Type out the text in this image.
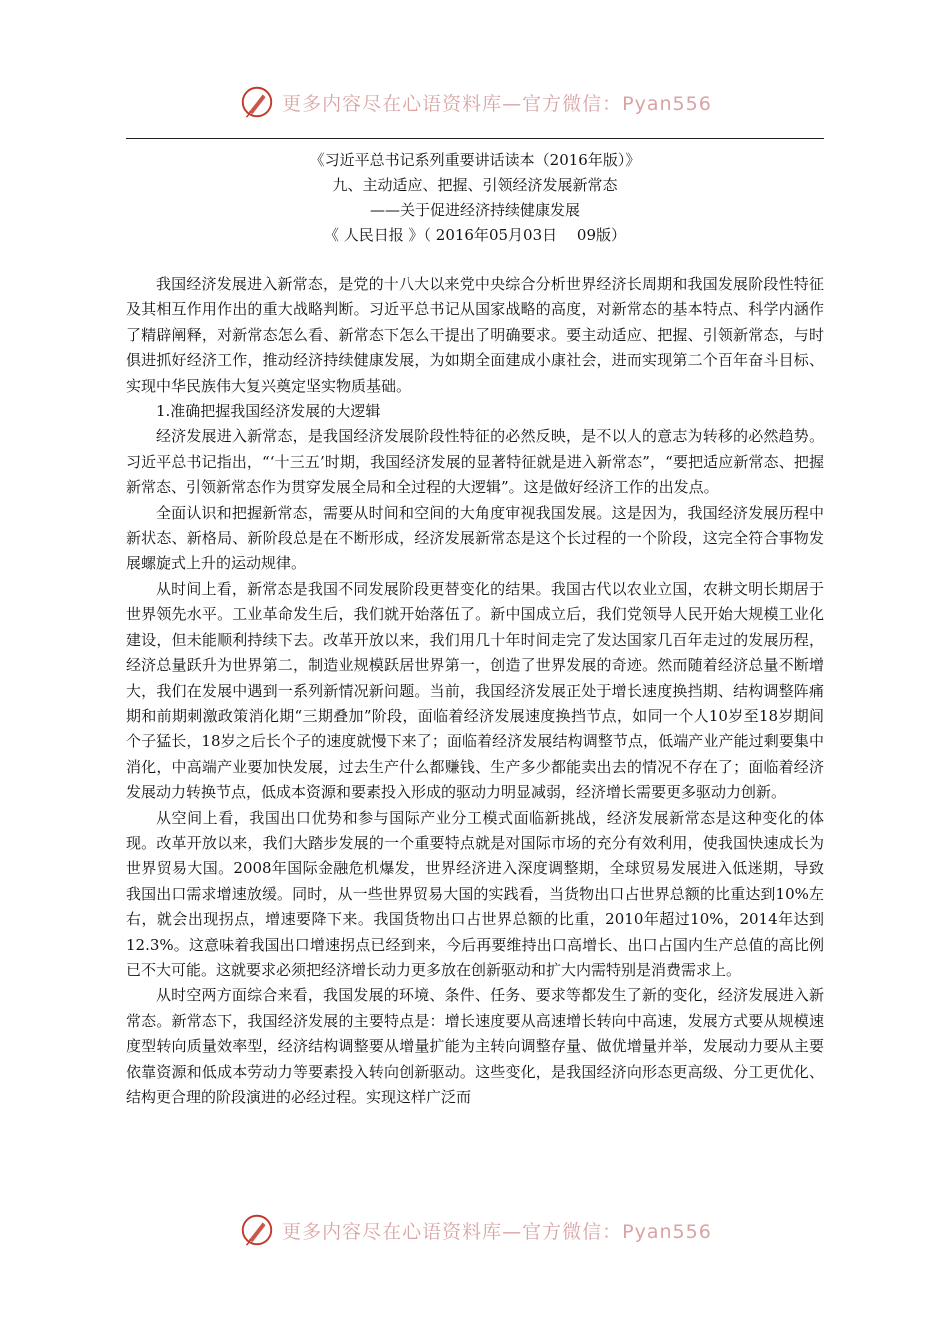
更多内容尽在心语资料库—官方微信：Pyan556
《习近平总书记系列重要讲话读本（2016年版）》
九、主动适应、把握、引领经济发展新常态
——关于促进经济持续健康发展
《 人民日报 》（ 2016年05月03日 　09版）

我国经济发展进入新常态，是党的十八大以来党中央综合分析世界经济长周期和我国发展阶段性特征及其相互作用作出的重大战略判断。习近平总书记从国家战略的高度，对新常态的基本特点、科学内涵作了精辟阐释，对新常态怎么看、新常态下怎么干提出了明确要求。要主动适应、把握、引领新常态，与时俱进抓好经济工作，推动经济持续健康发展，为如期全面建成小康社会，进而实现第二个百年奋斗目标、实现中华民族伟大复兴奠定坚实物质基础。

1.准确把握我国经济发展的大逻辑

经济发展进入新常态，是我国经济发展阶段性特征的必然反映，是不以人的意志为转移的必然趋势。习近平总书记指出，“‘十三五’时期，我国经济发展的显著特征就是进入新常态”，“要把适应新常态、把握新常态、引领新常态作为贯穿发展全局和全过程的大逻辑”。这是做好经济工作的出发点。

全面认识和把握新常态，需要从时间和空间的大角度审视我国发展。这是因为，我国经济发展历程中新状态、新格局、新阶段总是在不断形成，经济发展新常态是这个长过程的一个阶段，这完全符合事物发展螺旋式上升的运动规律。

从时间上看，新常态是我国不同发展阶段更替变化的结果。我国古代以农业立国，农耕文明长期居于世界领先水平。工业革命发生后，我们就开始落伍了。新中国成立后，我们党领导人民开始大规模工业化建设，但未能顺利持续下去。改革开放以来，我们用几十年时间走完了发达国家几百年走过的发展历程，经济总量跃升为世界第二，制造业规模跃居世界第一，创造了世界发展的奇迹。然而随着经济总量不断增大，我们在发展中遇到一系列新情况新问题。当前，我国经济发展正处于增长速度换挡期、结构调整阵痛期和前期刺激政策消化期“三期叠加”阶段，面临着经济发展速度换挡节点，如同一个人10岁至18岁期间个子猛长，18岁之后长个子的速度就慢下来了；面临着经济发展结构调整节点，低端产业产能过剩要集中消化，中高端产业要加快发展，过去生产什么都赚钱、生产多少都能卖出去的情况不存在了；面临着经济发展动力转换节点，低成本资源和要素投入形成的驱动力明显减弱，经济增长需要更多驱动力创新。

从空间上看，我国出口优势和参与国际产业分工模式面临新挑战，经济发展新常态是这种变化的体现。改革开放以来，我们大踏步发展的一个重要特点就是对国际市场的充分有效利用，使我国快速成长为世界贸易大国。2008年国际金融危机爆发，世界经济进入深度调整期，全球贸易发展进入低迷期，导致我国出口需求增速放缓。同时，从一些世界贸易大国的实践看，当货物出口占世界总额的比重达到10%左右，就会出现拐点，增速要降下来。我国货物出口占世界总额的比重，2010年超过10%，2014年达到12.3%。这意味着我国出口增速拐点已经到来，今后再要维持出口高增长、出口占国内生产总值的高比例已不大可能。这就要求必须把经济增长动力更多放在创新驱动和扩大内需特别是消费需求上。

从时空两方面综合来看，我国发展的环境、条件、任务、要求等都发生了新的变化，经济发展进入新常态。新常态下，我国经济发展的主要特点是：增长速度要从高速增长转向中高速，发展方式要从规模速度型转向质量效率型，经济结构调整要从增量扩能为主转向调整存量、做优增量并举，发展动力要从主要依靠资源和低成本劳动力等要素投入转向创新驱动。这些变化，是我国经济向形态更高级、分工更优化、结构更合理的阶段演进的必经过程。实现这样广泛而

更多内容尽在心语资料库—官方微信：Pyan556
